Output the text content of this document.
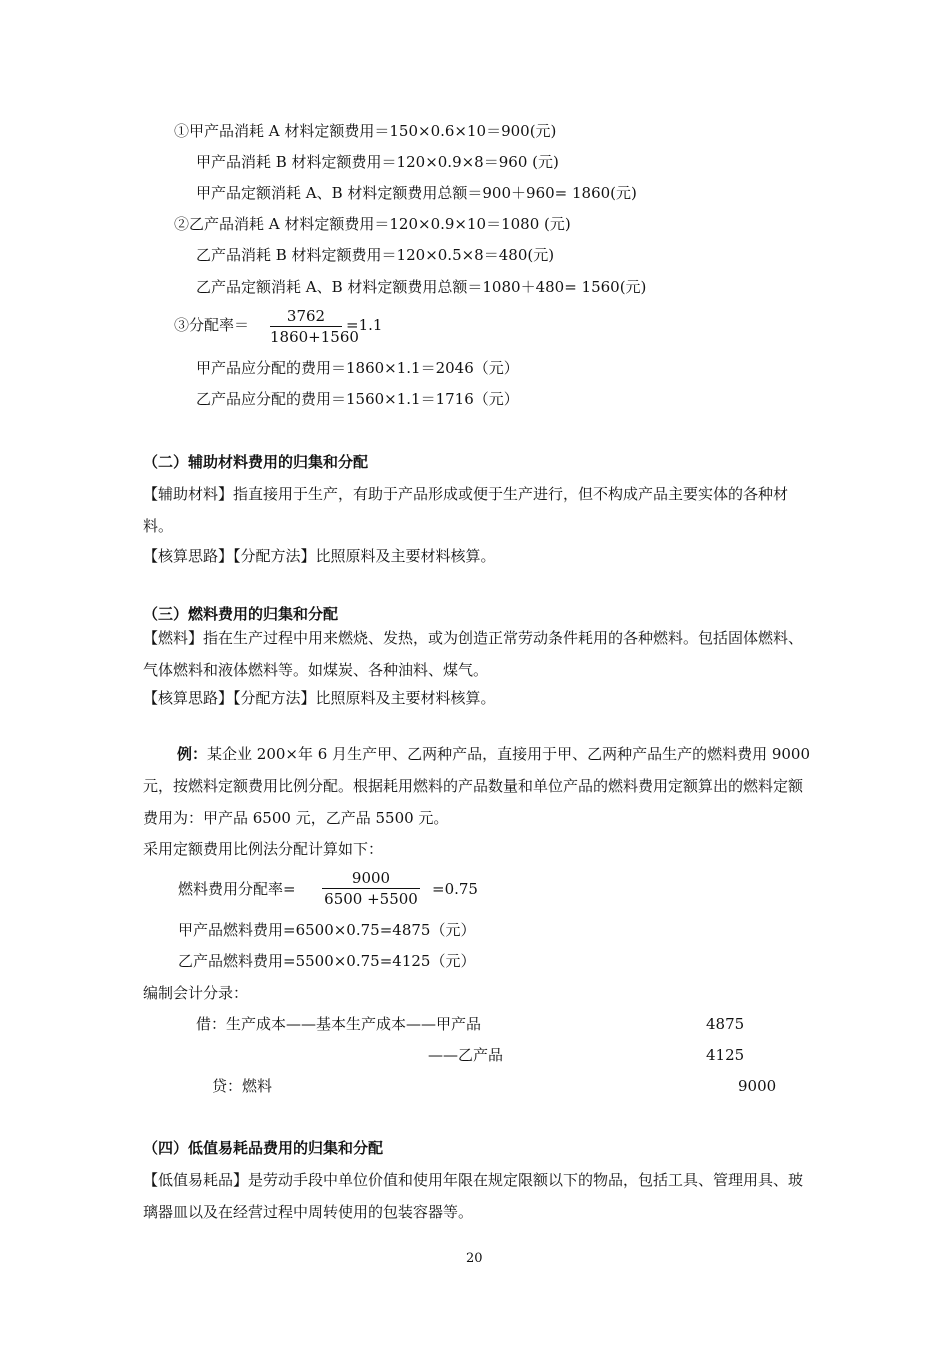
①甲产品消耗 A 材料定额费用＝150×0.6×10＝900(元)
甲产品消耗 B 材料定额费用＝120×0.9×8＝960 (元)
甲产品定额消耗 A、B 材料定额费用总额＝900＋960= 1860(元)
②乙产品消耗 A 材料定额费用＝120×0.9×10＝1080 (元)
乙产品消耗 B 材料定额费用＝120×0.5×8＝480(元)
乙产品定额消耗 A、B 材料定额费用总额＝1080＋480= 1560(元)
③分配率＝	3762
1860+1560
=1.1
甲产品应分配的费用＝1860×1.1＝2046（元）
乙产品应分配的费用＝1560×1.1＝1716（元）
（二）辅助材料费用的归集和分配
【辅助材料】指直接用于生产，有助于产品形成或便于生产进行，但不构成产品主要实体的各种材料。
【核算思路】【分配方法】比照原料及主要材料核算。
（三）燃料费用的归集和分配
【燃料】指在生产过程中用来燃烧、发热，或为创造正常劳动条件耗用的各种燃料。包括固体燃料、气体燃料和液体燃料等。如煤炭、各种油料、煤气。
【核算思路】【分配方法】比照原料及主要材料核算。
例：某企业 200×年 6 月生产甲、乙两种产品，直接用于甲、乙两种产品生产的燃料费用 9000 元，按燃料定额费用比例分配。根据耗用燃料的产品数量和单位产品的燃料费用定额算出的燃料定额费用为：甲产品 6500 元，乙产品 5500 元。
采用定额费用比例法分配计算如下：
燃料费用分配率=
9000
6500 +5500
=0.75
甲产品燃料费用=6500×0.75=4875（元）
乙产品燃料费用=5500×0.75=4125（元）
编制会计分录：
借：生产成本——基本生产成本——甲产品	4875
——乙产品	4125
贷：燃料	9000
（四）低值易耗品费用的归集和分配
【低值易耗品】是劳动手段中单位价值和使用年限在规定限额以下的物品，包括工具、管理用具、玻璃器皿以及在经营过程中周转使用的包装容器等。
20
